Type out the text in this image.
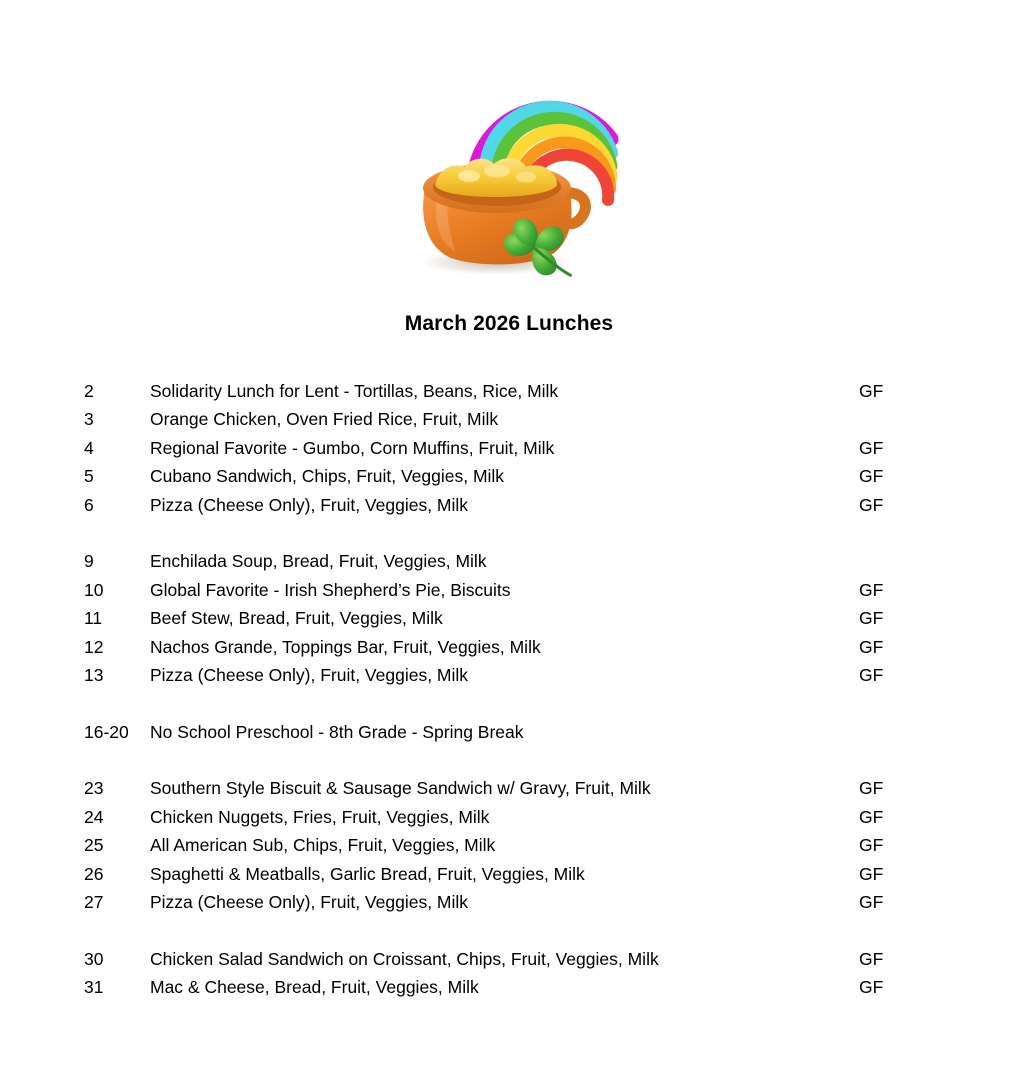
March 2026 Lunches
2	Solidarity Lunch for Lent - Tortillas, Beans, Rice, Milk	GF
3	Orange Chicken, Oven Fried Rice, Fruit, Milk
4	Regional Favorite - Gumbo, Corn Muffins, Fruit, Milk	GF
5	Cubano Sandwich, Chips, Fruit, Veggies, Milk	GF
6	Pizza (Cheese Only), Fruit, Veggies, Milk	GF
9	Enchilada Soup, Bread, Fruit, Veggies, Milk
10	Global Favorite - Irish Shepherd’s Pie, Biscuits	GF
11	Beef Stew, Bread, Fruit, Veggies, Milk	GF
12	Nachos Grande, Toppings Bar, Fruit, Veggies, Milk	GF
13	Pizza (Cheese Only), Fruit, Veggies, Milk	GF
16-20 No School Preschool - 8th Grade - Spring Break
23	Southern Style Biscuit & Sausage Sandwich w/ Gravy, Fruit, Milk	GF
24	Chicken Nuggets, Fries, Fruit, Veggies, Milk	GF
25	All American Sub, Chips, Fruit, Veggies, Milk	GF
26	Spaghetti & Meatballs, Garlic Bread, Fruit, Veggies, Milk	GF
27	Pizza (Cheese Only), Fruit, Veggies, Milk	GF
30	Chicken Salad Sandwich on Croissant, Chips, Fruit, Veggies, Milk	GF
31	Mac & Cheese, Bread, Fruit, Veggies, Milk	GF
